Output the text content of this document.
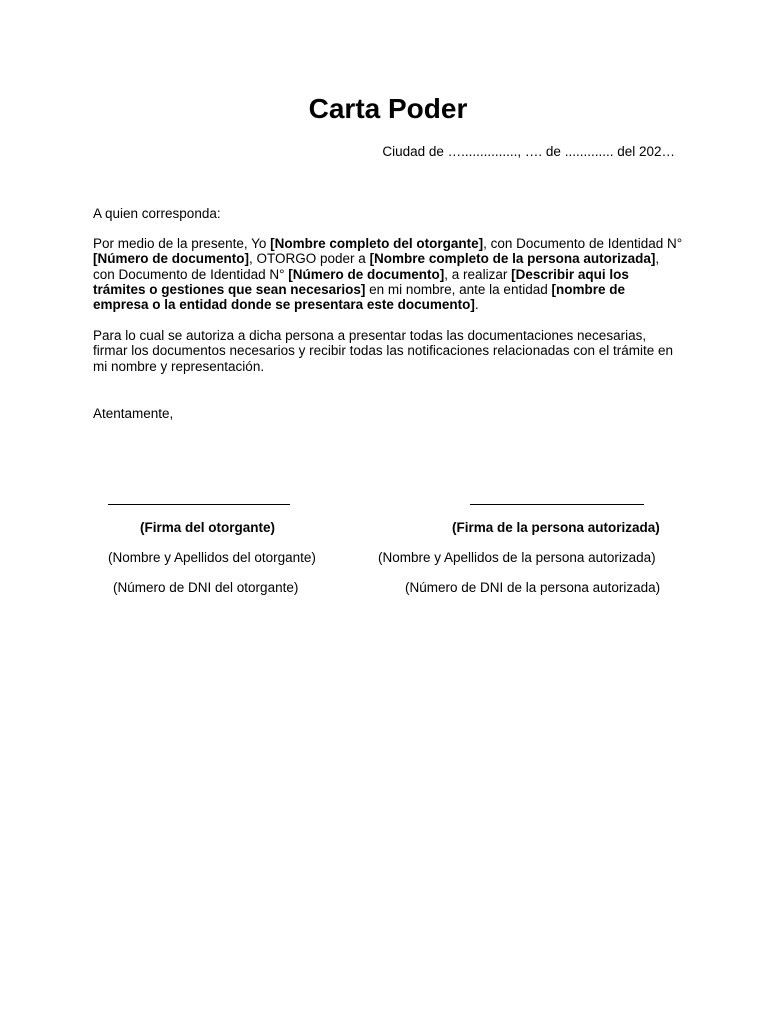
Carta Poder
Ciudad de …..............., …. de ............. del 202…
A quien corresponda:
Por medio de la presente, Yo [Nombre completo del otorgante], con Documento de Identidad N° [Número de documento], OTORGO poder a [Nombre completo de la persona autorizada], con Documento de Identidad N° [Número de documento], a realizar [Describir aqui los trámites o gestiones que sean necesarios] en mi nombre, ante la entidad [nombre de empresa o la entidad donde se presentara este documento].
Para lo cual se autoriza a dicha persona a presentar todas las documentaciones necesarias, firmar los documentos necesarios y recibir todas las notificaciones relacionadas con el trámite en mi nombre y representación.
Atentamente,
(Firma del otorgante)
(Nombre y Apellidos del otorgante)
(Número de DNI del otorgante)
(Firma de la persona autorizada)
(Nombre y Apellidos de la persona autorizada)
(Número de DNI de la persona autorizada)
